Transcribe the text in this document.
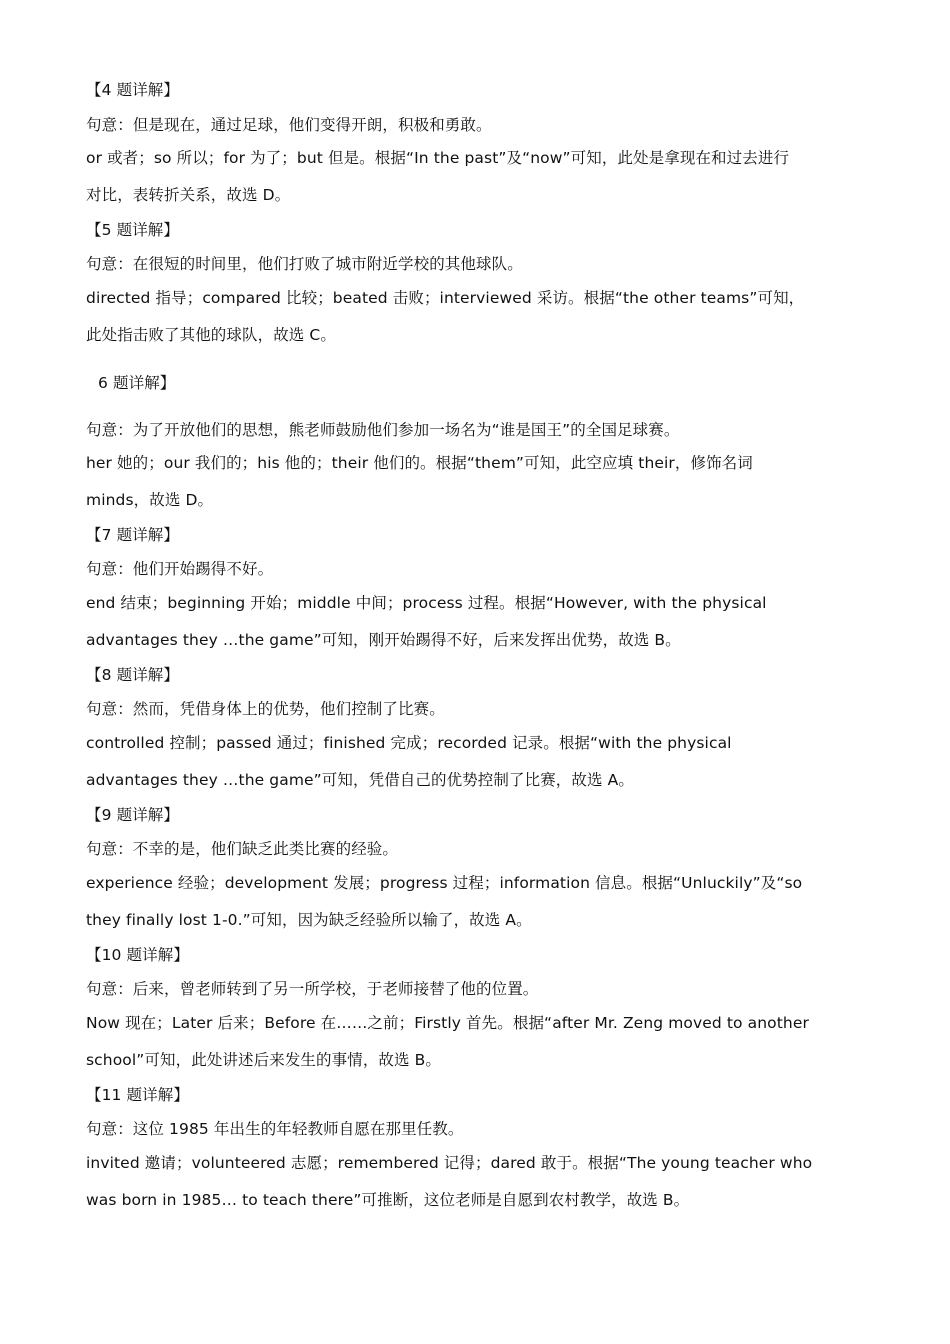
【4 题详解】
句意：但是现在，通过足球，他们变得开朗，积极和勇敢。
or 或者；so 所以；for 为了；but 但是。根据“In the past”及“now”可知，此处是拿现在和过去进行
对比，表转折关系，故选 D。
【5 题详解】
句意：在很短的时间里，他们打败了城市附近学校的其他球队。
directed 指导；compared 比较；beated 击败；interviewed 采访。根据“the other teams”可知，
此处指击败了其他的球队，故选 C。
6 题详解】
句意：为了开放他们的思想，熊老师鼓励他们参加一场名为“谁是国王”的全国足球赛。
her 她的；our 我们的；his 他的；their 他们的。根据“them”可知，此空应填 their，修饰名词
minds，故选 D。
【7 题详解】
句意：他们开始踢得不好。
end 结束；beginning 开始；middle 中间；process 过程。根据“However, with the physical
advantages they …the game”可知，刚开始踢得不好，后来发挥出优势，故选 B。
【8 题详解】
句意：然而，凭借身体上的优势，他们控制了比赛。
controlled 控制；passed 通过；finished 完成；recorded 记录。根据“with the physical
advantages they …the game”可知，凭借自己的优势控制了比赛，故选 A。
【9 题详解】
句意：不幸的是，他们缺乏此类比赛的经验。
experience 经验；development 发展；progress 过程；information 信息。根据“Unluckily”及“so
they finally lost 1-0.”可知，因为缺乏经验所以输了，故选 A。
【10 题详解】
句意：后来，曾老师转到了另一所学校，于老师接替了他的位置。
Now 现在；Later 后来；Before 在……之前；Firstly 首先。根据“after Mr. Zeng moved to another
school”可知，此处讲述后来发生的事情，故选 B。
【11 题详解】
句意：这位 1985 年出生的年轻教师自愿在那里任教。
invited 邀请；volunteered 志愿；remembered 记得；dared 敢于。根据“The young teacher who
was born in 1985… to teach there”可推断，这位老师是自愿到农村教学，故选 B。
